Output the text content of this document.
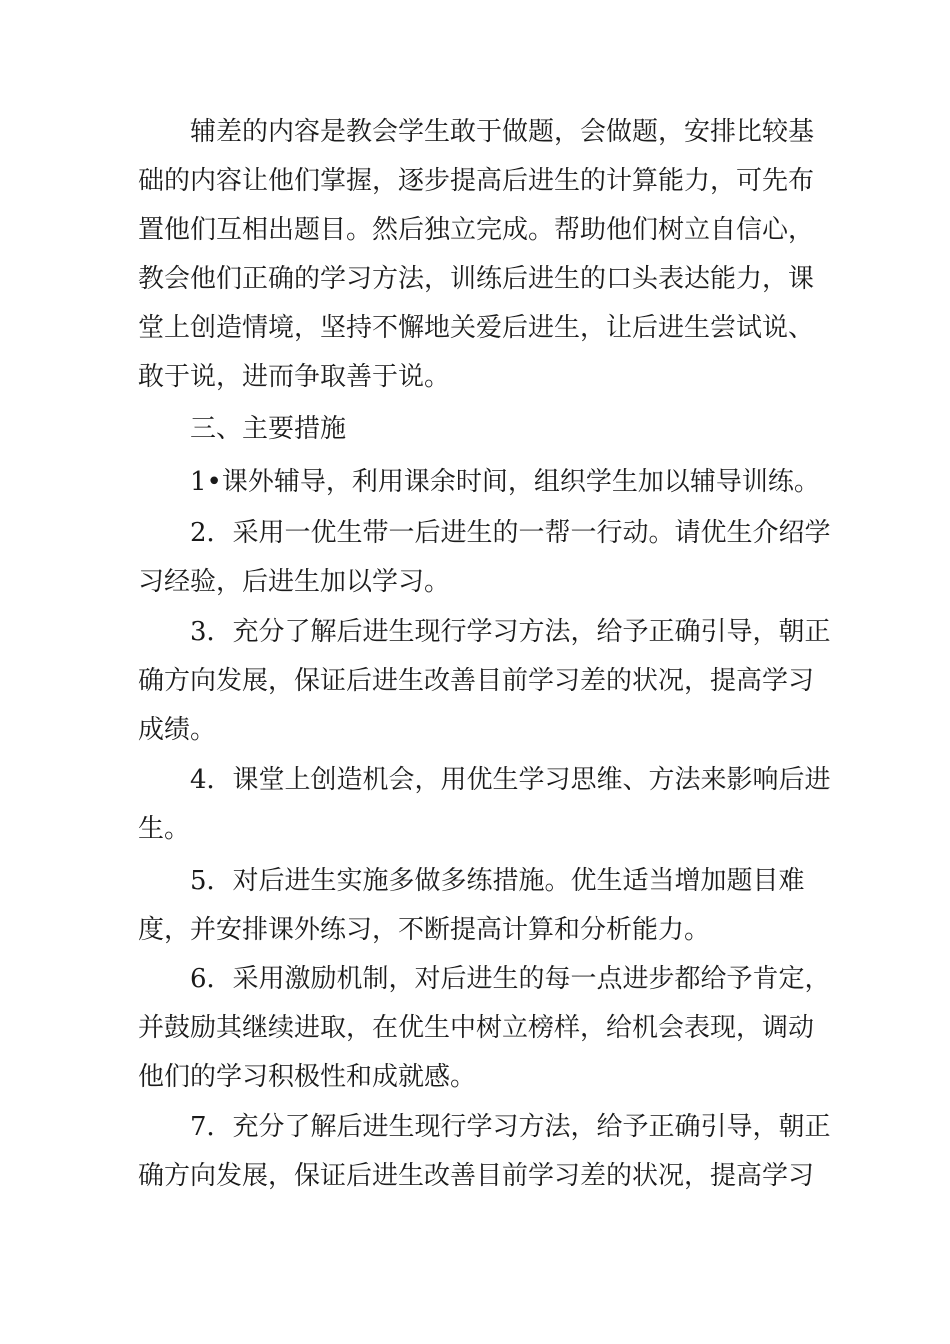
辅差的内容是教会学生敢于做题，会做题，安排比较基础的内容让他们掌握，逐步提高后进生的计算能力，可先布置他们互相出题目。然后独立完成。帮助他们树立自信心，教会他们正确的学习方法，训练后进生的口头表达能力，课堂上创造情境，坚持不懈地关爱后进生，让后进生尝试说、敢于说，进而争取善于说。

三、主要措施

1•课外辅导，利用课余时间，组织学生加以辅导训练。

2．采用一优生带一后进生的一帮一行动。请优生介绍学习经验，后进生加以学习。

3．充分了解后进生现行学习方法，给予正确引导，朝正确方向发展，保证后进生改善目前学习差的状况，提高学习成绩。

4．课堂上创造机会，用优生学习思维、方法来影响后进生。

5．对后进生实施多做多练措施。优生适当增加题目难度，并安排课外练习，不断提高计算和分析能力。

6．采用激励机制，对后进生的每一点进步都给予肯定，并鼓励其继续进取，在优生中树立榜样，给机会表现，调动他们的学习积极性和成就感。

7．充分了解后进生现行学习方法，给予正确引导，朝正确方向发展，保证后进生改善目前学习差的状况，提高学习
